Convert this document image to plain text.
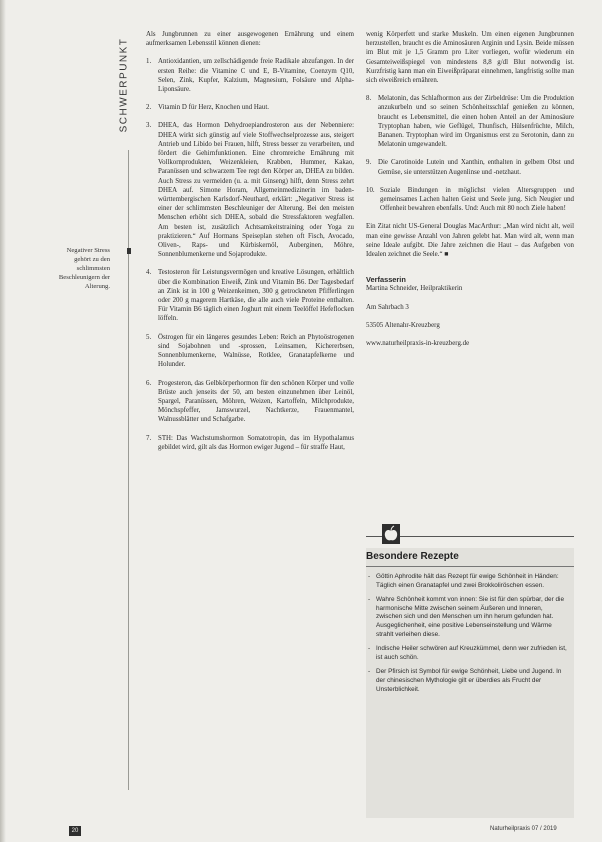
SCHWERPUNKT
Negativer Stress gehört zu den schlimmsten Beschleunigern der Alterung.

Als Jungbrunnen zu einer ausgewogenen Ernährung und einem aufmerksamen Lebensstil können dienen:

1. Antioxidantien, um zellschädigende freie Radikale abzufangen. In der ersten Reihe: die Vitamine C und E, B-Vitamine, Coenzym Q10, Selen, Zink, Kupfer, Kalzium, Magnesium, Folsäure und Alpha-Liponsäure.
2. Vitamin D für Herz, Knochen und Haut.
3. DHEA, das Hormon Dehydroepiandrosteron aus der Nebenniere: DHEA wirkt sich günstig auf viele Stoffwechselprozesse aus, steigert Antrieb und Libido bei Frauen, hilft, Stress besser zu verarbeiten, und fördert die Gehirnfunktionen. Eine chromreiche Ernährung mit Vollkornprodukten, Weizenkleien, Krabben, Hummer, Kakao, Paranüssen und schwarzem Tee regt den Körper an, DHEA zu bilden. Auch Stress zu vermeiden (u. a. mit Ginseng) hilft, denn Stress zehrt DHEA auf. Simone Horam, Allgemeinmedizinerin im baden-württembergischen Karlsdorf-Neuthard, erklärt: „Negativer Stress ist einer der schlimmsten Beschleuniger der Alterung. Bei den meisten Menschen erhöht sich DHEA, sobald die Stressfaktoren wegfallen. Am besten ist, zusätzlich Achtsamkeitstraining oder Yoga zu praktizieren.“ Auf Hormans Speiseplan stehen oft Fisch, Avocado, Oliven-, Raps- und Kürbiskernöl, Auberginen, Möhre, Sonnenblumenkerne und Sojaprodukte.
4. Testosteron für Leistungsvermögen und kreative Lösungen, erhältlich über die Kombination Eiweiß, Zink und Vitamin B6. Der Tagesbedarf an Zink ist in 100 g Weizenkeimen, 300 g getrockneten Pfifferlingen oder 200 g magerem Hartkäse, die alle auch viele Proteine enthalten. Für Vitamin B6 täglich einen Joghurt mit einem Teelöffel Hefeflocken löffeln.
5. Östrogen für ein längeres gesundes Leben: Reich an Phytoöstrogenen sind Sojabohnen und -sprossen, Leinsamen, Kichererbsen, Sonnenblumenkerne, Walnüsse, Rotklee, Granatapfelkerne und Holunder.
6. Progesteron, das Gelbkörperhormon für den schönen Körper und volle Brüste auch jenseits der 50, am besten einzunehmen über Leinöl, Spargel, Paranüssen, Möhren, Weizen, Kartoffeln, Milchprodukte, Mönchspfeffer, Jamswurzel, Nachtkerze, Frauenmantel, Walnussblätter und Schafgarbe.
7. STH: Das Wachstumshormon Somatotropin, das im Hypothalamus gebildet wird, gilt als das Hormon ewiger Jugend – für straffe Haut,

wenig Körperfett und starke Muskeln. Um einen eigenen Jungbrunnen herzustellen, braucht es die Aminosäuren Arginin und Lysin. Beide müssen im Blut mit je 1,5 Gramm pro Liter vorliegen, wofür wiederum ein Gesamteiweißspiegel von mindestens 8,8 g/dl Blut notwendig ist. Kurzfristig kann man ein Eiweißpräparat einnehmen, langfristig sollte man sich eiweißreich ernähren.

8. Melatonin, das Schlafhormon aus der Zirbeldrüse: Um die Produktion anzukurbeln und so seinen Schönheitsschlaf genießen zu können, braucht es Lebensmittel, die einen hohen Anteil an der Aminosäure Tryptophan haben, wie Geflügel, Thunfisch, Hülsenfrüchte, Milch, Bananen. Tryptophan wird im Organismus erst zu Serotonin, dann zu Melatonin umgewandelt.
9. Die Carotinoide Lutein und Xanthin, enthalten in gelbem Obst und Gemüse, sie unterstützen Augenlinse und -netzhaut.
10. Soziale Bindungen in möglichst vielen Altersgruppen und gemeinsames Lachen halten Geist und Seele jung. Sich Neugier und Offenheit bewahren ebenfalls. Und: Auch mit 80 noch Ziele haben!

Ein Zitat nicht US-General Douglas MacArthur: „Man wird nicht alt, weil man eine gewisse Anzahl von Jahren gelebt hat. Man wird alt, wenn man seine Ideale aufgibt. Die Jahre zeichnen die Haut – das Aufgeben von Idealen zeichnet die Seele.“ ■

Verfasserin

Martina Schneider, Heilpraktikerin

Am Sahrbach 3

53505 Altenahr-Kreuzberg

www.naturheilpraxis-in-kreuzberg.de

Besondere Rezepte
- Göttin Aphrodite hält das Rezept für ewige Schönheit in Händen: Täglich einen Granatapfel und zwei Brokkoliröschen essen.
- Wahre Schönheit kommt von innen: Sie ist für den spürbar, der die harmonische Mitte zwischen seinem Äußeren und Inneren, zwischen sich und den Menschen um ihn herum gefunden hat. Ausgeglichenheit, eine positive Lebenseinstellung und Wärme strahlt verleihen diese.
- Indische Heiler schwören auf Kreuzkümmel, denn wer zufrieden ist, ist auch schön.
- Der Pfirsich ist Symbol für ewige Schönheit, Liebe und Jugend. In der chinesischen Mythologie gilt er überdies als Frucht der Unsterblichkeit.
20	Naturheilpraxis 07 / 2019
